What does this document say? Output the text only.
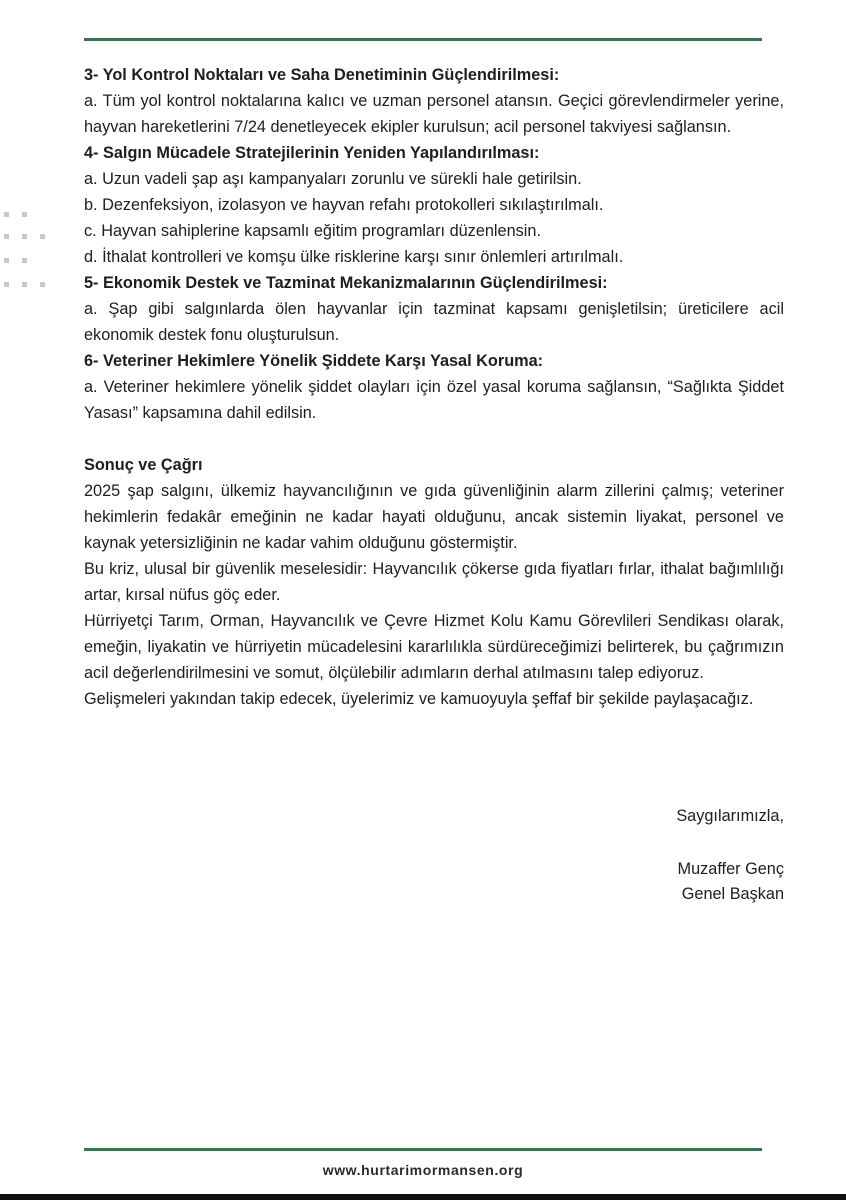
3- Yol Kontrol Noktaları ve Saha Denetiminin Güçlendirilmesi:

a. Tüm yol kontrol noktalarına kalıcı ve uzman personel atansın. Geçici görevlendirmeler yerine, hayvan hareketlerini 7/24 denetleyecek ekipler kurulsun; acil personel takviyesi sağlansın.

4- Salgın Mücadele Stratejilerinin Yeniden Yapılandırılması:

a. Uzun vadeli şap aşı kampanyaları zorunlu ve sürekli hale getirilsin.

b. Dezenfeksiyon, izolasyon ve hayvan refahı protokolleri sıkılaştırılmalı.

c. Hayvan sahiplerine kapsamlı eğitim programları düzenlensin.

d. İthalat kontrolleri ve komşu ülke risklerine karşı sınır önlemleri artırılmalı.

5- Ekonomik Destek ve Tazminat Mekanizmalarının Güçlendirilmesi:

a. Şap gibi salgınlarda ölen hayvanlar için tazminat kapsamı genişletilsin; üreticilere acil ekonomik destek fonu oluşturulsun.

6- Veteriner Hekimlere Yönelik Şiddete Karşı Yasal Koruma:

a. Veteriner hekimlere yönelik şiddet olayları için özel yasal koruma sağlansın, “Sağlıkta Şiddet Yasası” kapsamına dahil edilsin.

Sonuç ve Çağrı

2025 şap salgını, ülkemiz hayvancılığının ve gıda güvenliğinin alarm zillerini çalmış; veteriner hekimlerin fedakâr emeğinin ne kadar hayati olduğunu, ancak sistemin liyakat, personel ve kaynak yetersizliğinin ne kadar vahim olduğunu göstermiştir.

Bu kriz, ulusal bir güvenlik meselesidir: Hayvancılık çökerse gıda fiyatları fırlar, ithalat bağımlılığı artar, kırsal nüfus göç eder.

Hürriyetçi Tarım, Orman, Hayvancılık ve Çevre Hizmet Kolu Kamu Görevlileri Sendikası olarak, emeğin, liyakatin ve hürriyetin mücadelesini kararlılıkla sürdüreceğimizi belirterek, bu çağrımızın acil değerlendirilmesini ve somut, ölçülebilir adımların derhal atılmasını talep ediyoruz.

Gelişmeleri yakından takip edecek, üyelerimiz ve kamuoyuyla şeffaf bir şekilde paylaşacağız.

Saygılarımızla,
Muzaffer Genç
Genel Başkan
www.hurtarimormansen.org
